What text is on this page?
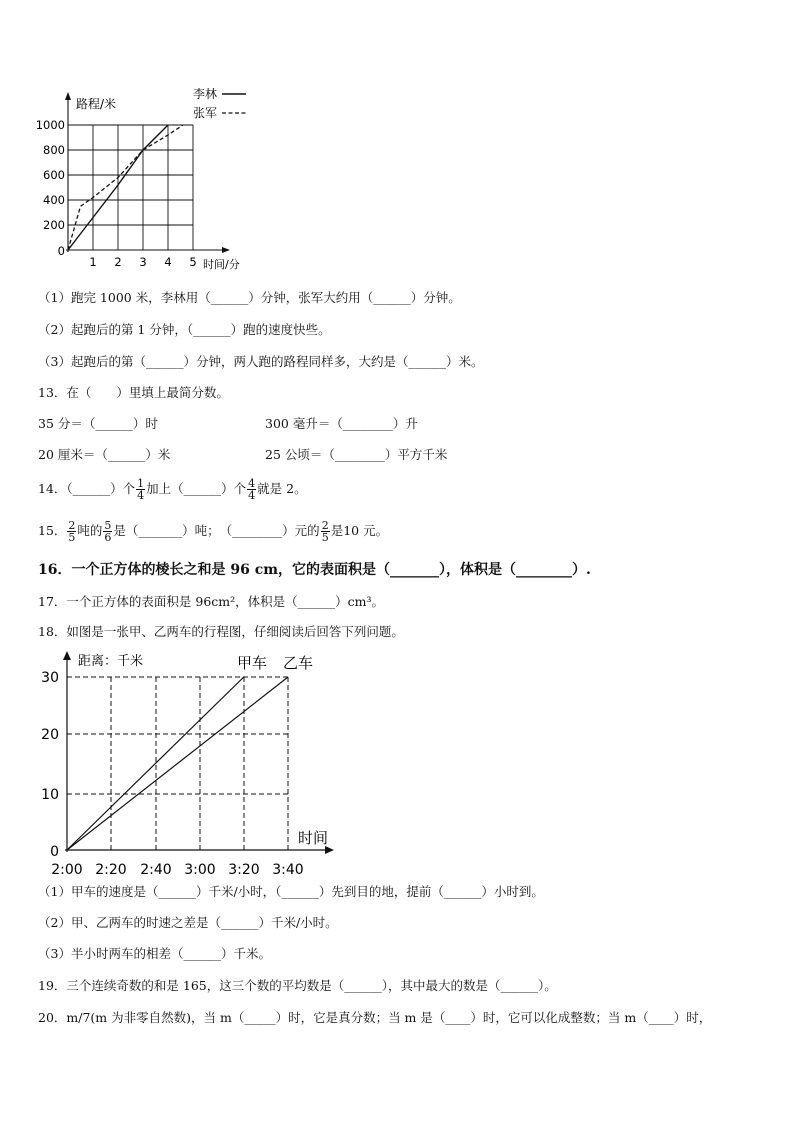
路程/米
时间/分
1000
800
600
400
200
0
1 2 3 4 5
李林
张军
（1）跑完 1000 米，李林用（______）分钟，张军大约用（______）分钟。
（2）起跑后的第 1 分钟，（______）跑的速度快些。
（3）起跑后的第（______）分钟，两人跑的路程同样多，大约是（______）米。
13．在（　　）里填上最简分数。
35 分＝（______）时	300 毫升＝（________）升
20 厘米＝（______）米	25 公顷＝（________）平方千米
14．（______）个 $\frac{1}{4}$ 加上（______）个 $\frac{4}{4}$ 就是 2。
15． $\frac{2}{5}$ 吨的 $\frac{5}{6}$ 是（_______）吨；　（________）元的 $\frac{2}{5}$ 是10 元。
16．一个正方体的棱长之和是 96 cm，它的表面积是（_______），体积是（________）.
17．一个正方体的表面积是 96cm²，体积是（______）cm³。
18．如图是一张甲、乙两车的行程图，仔细阅读后回答下列问题。
距离：千米
时间
30
20
10
0
2:00 2:20 2:40 3:00 3:20 3:40
甲车 乙车
（1）甲车的速度是（______）千米/小时，（______）先到目的地，提前（______）小时到。
（2）甲、乙两车的时速之差是（______）千米/小时。
（3）半小时两车的相差（______）千米。
19．三个连续奇数的和是 165，这三个数的平均数是（______），其中最大的数是（______）。
20．m/7(m 为非零自然数)，当 m（_____）时，它是真分数；当 m 是（____）时，它可以化成整数；当 m（____）时，
